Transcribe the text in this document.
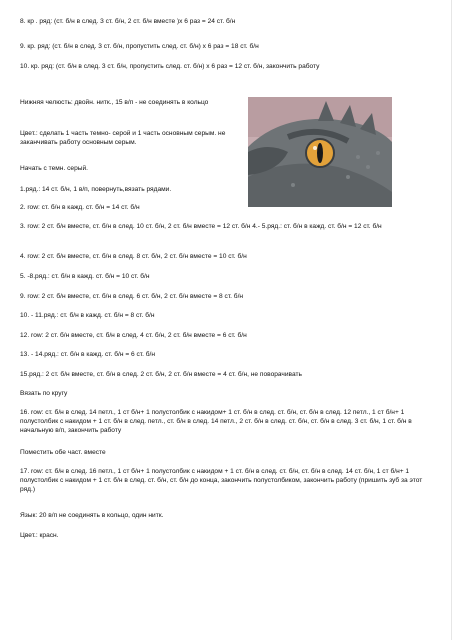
8. кр . ряд: (ст. б/н в след. 3 ст. б/н, 2 ст. б/н вместе )х 6 раз = 24 ст. б/н
9. кр. ряд: (ст. б/н в след. 3 ст. б/н, пропустить след. ст. б/н) х 6 раз = 18 ст. б/н
10. кр. ряд: (ст. б/н в след. 3 ст. б/н, пропустить след. ст. б/н) х 6 раз = 12 ст. б/н, закончить работу
Нижняя челюсть: двойн. нитк., 15 в/п - не соединять в кольцо
Цвет.: сделать 1 часть темно- серой и 1 часть основным серым. не заканчивать работу основным серым.
Начать с темн. серый.
1.ряд.: 14 ст. б/н, 1 в/п, повернуть,вязать рядами.
2. row: ст. б/н в кажд. ст. б/н = 14 ст. б/н
3. row: 2 ст. б/н вместе, ст. б/н в след. 10 ст. б/н, 2 ст. б/н вместе = 12 ст. б/н 4.- 5.ряд.: ст. б/н в кажд. ст. б/н = 12 ст. б/н
4. row: 2 ст. б/н вместе, ст. б/н в след. 8 ст. б/н, 2 ст. б/н вместе = 10 ст. б/н
5. -8.ряд.: ст. б/н в кажд. ст. б/н = 10 ст. б/н
9. row: 2 ст. б/н вместе, ст. б/н в след. 6 ст. б/н, 2 ст. б/н вместе = 8 ст. б/н
10. - 11.ряд.: ст. б/н в кажд. ст. б/н = 8 ст. б/н
12. row: 2 ст. б/н вместе, ст. б/н в след. 4 ст. б/н, 2 ст. б/н вместе = 6 ст. б/н
13. - 14.ряд.: ст. б/н в кажд. ст. б/н = 6 ст. б/н
15.ряд.: 2 ст. б/н вместе, ст. б/н в след. 2 ст. б/н, 2 ст. б/н вместе = 4 ст. б/н, не поворачивать
Вязать по кругу
16. row: ст. б/н в след. 14 петл., 1 ст б/н+ 1 полустолбик с накидом+ 1 ст. б/н в след. ст. б/н, ст. б/н в след. 12 петл., 1 ст б/н+ 1 полустолбик с накидом + 1 ст. б/н в след. петл., ст. б/н в след. 14 петл., 2 ст. б/н в след. ст. б/н, ст. б/н в след. 3 ст. б/н, 1 ст. б/н в начальную в/п, закончить работу
Поместить обе част. вместе
17. row: ст. б/н в след. 16 петл., 1 ст б/н+ 1 полустолбик с накидом + 1 ст. б/н в след. ст. б/н, ст. б/н в след. 14 ст. б/н, 1 ст б/н+ 1 полустолбик с накидом + 1 ст. б/н в след. ст. б/н, ст. б/н до конца, закончить полустолбиком, закончить работу (пришить зуб за этот ряд.)
Язык: 20 в/п не соединять в кольцо, один нитк.
Цвет.: красн.
